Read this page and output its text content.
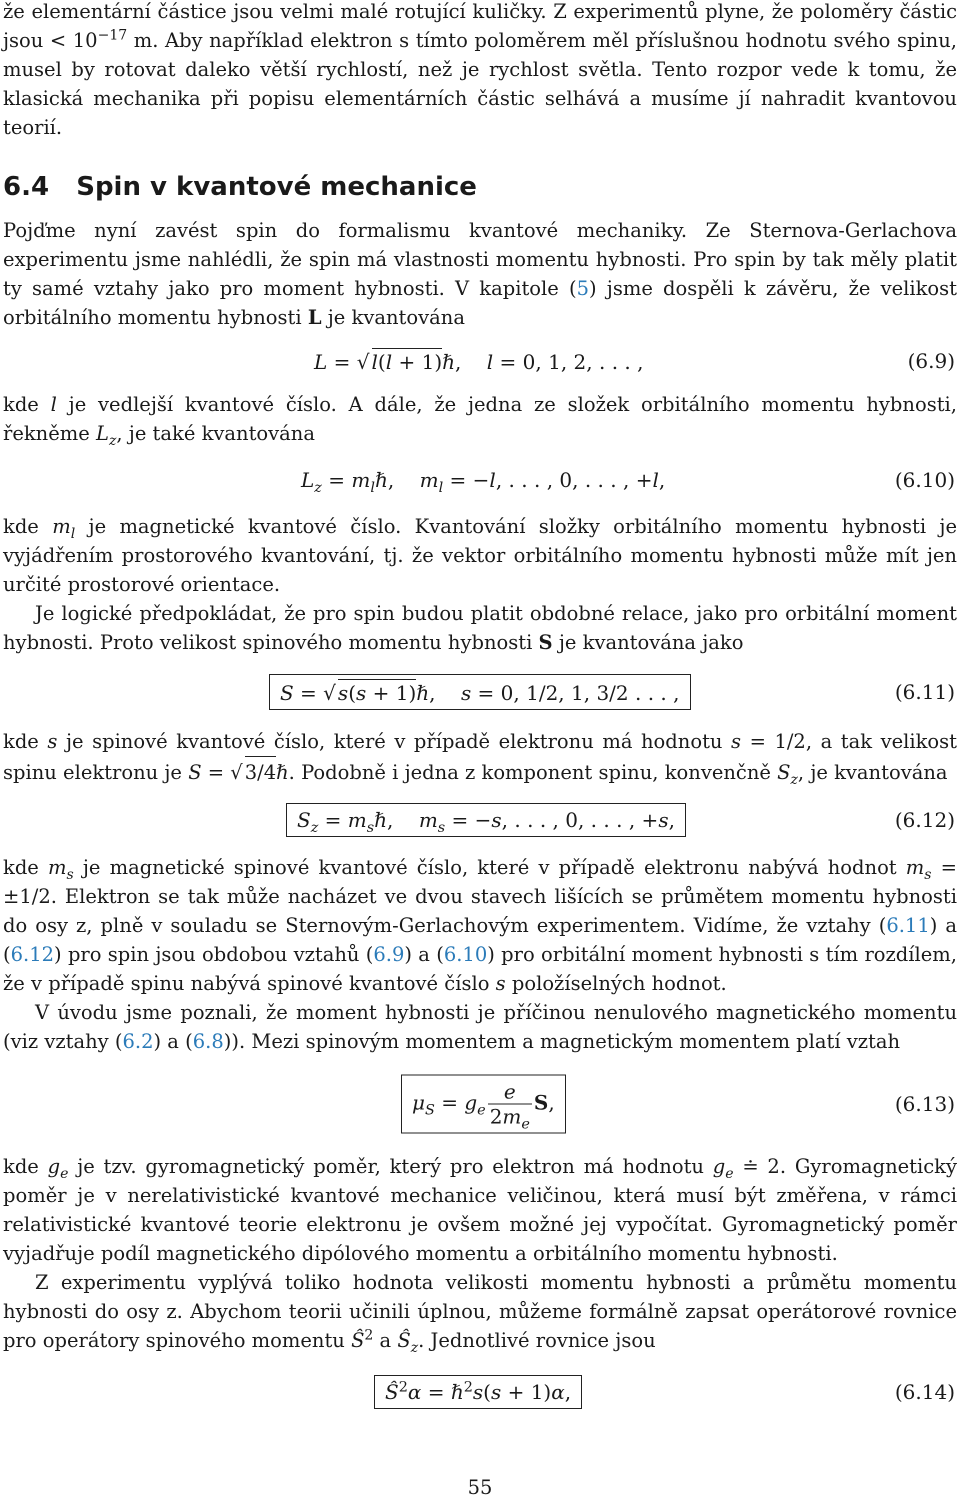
že elementární částice jsou velmi malé rotující kuličky. Z experimentů plyne, že poloměry částic jsou < $10^{-17}$ m. Aby například elektron s tímto poloměrem měl příslušnou hodnotu svého spinu, musel by rotovat daleko větší rychlostí, než je rychlost světla. Tento rozpor vede k tomu, že klasická mechanika při popisu elementárních částic selhává a musíme jí nahradit kvantovou teorií.

6.4 Spin v kvantové mechanice

Pojďme nyní zavést spin do formalismu kvantové mechaniky. Ze Sternova-Gerlachova experimentu jsme nahlédli, že spin má vlastnosti momentu hybnosti. Pro spin by tak měly platit ty samé vztahy jako pro moment hybnosti. V kapitole (5) jsme dospěli k závěru, že velikost orbitálního momentu hybnosti L je kvantována

L = √ l(l + 1)ℏ,    l = 0, 1, 2, . . . ,	(6.9)

kde l je vedlejší kvantové číslo. A dále, že jedna ze složek orbitálního momentu hybnosti, řekněme $L_z$, je také kvantována

$L_z$ = $m_l\hbar$,    $m_l = -l$, . . . , 0, . . . , +l,	(6.10)

kde $m_l$ je magnetické kvantové číslo. Kvantování složky orbitálního momentu hybnosti je vyjádřením prostorového kvantování, tj. že vektor orbitálního momentu hybnosti může mít jen určité prostorové orientace.

Je logické předpokládat, že pro spin budou platit obdobné relace, jako pro orbitální moment hybnosti. Proto velikost spinového momentu hybnosti S je kvantována jako

S = √ s(s + 1)ℏ,    s = 0, 1/2, 1, 3/2 . . . ,	(6.11)

kde s je spinové kvantové číslo, které v případě elektronu má hodnotu s = 1/2, a tak velikost spinu elektronu je S = √ 3/4ℏ. Podobně i jedna z komponent spinu, konvenčně $S_z$, je kvantována

$S_z$ = $m_s\hbar$,    $m_s = -s$, . . . , 0, . . . , +s,	(6.12)

kde $m_s$ je magnetické spinové kvantové číslo, které v případě elektronu nabývá hodnot $m_s = \pm 1/2$. Elektron se tak může nacházet ve dvou stavech lišících se průmětem momentu hybnosti do osy z, plně v souladu se Sternovým-Gerlachovým experimentem. Vidíme, že vztahy (6.11) a (6.12) pro spin jsou obdobou vztahů (6.9) a (6.10) pro orbitální moment hybnosti s tím rozdílem, že v případě spinu nabývá spinové kvantové číslo s položíselných hodnot.

V úvodu jsme poznali, že moment hybnosti je příčinou nenulového magnetického momentu (viz vztahy (6.2) a (6.8)). Mezi spinovým momentem a magnetickým momentem platí vztah

$\mu_S = g_e \frac{e}{2m_e} S$,	(6.13)

kde $g_e$ je tzv. gyromagnetický poměr, který pro elektron má hodnotu $g_e$ ≐ 2. Gyromagnetický poměr je v nerelativistické kvantové mechanice veličinou, která musí být změřena, v rámci relativistické kvantové teorie elektronu je ovšem možné jej vypočítat. Gyromagnetický poměr vyjadřuje podíl magnetického dipólového momentu a orbitálního momentu hybnosti.

Z experimentu vyplývá toliko hodnota velikosti momentu hybnosti a průmětu momentu hybnosti do osy z. Abychom teorii učinili úplnou, můžeme formálně zapsat operátorové rovnice pro operátory spinového momentu $Ŝ^2$ a $Ŝ_z$. Jednotlivé rovnice jsou

$Ŝ^2\alpha$ = ℏ$^2$s(s + 1)α,	(6.14)
55
